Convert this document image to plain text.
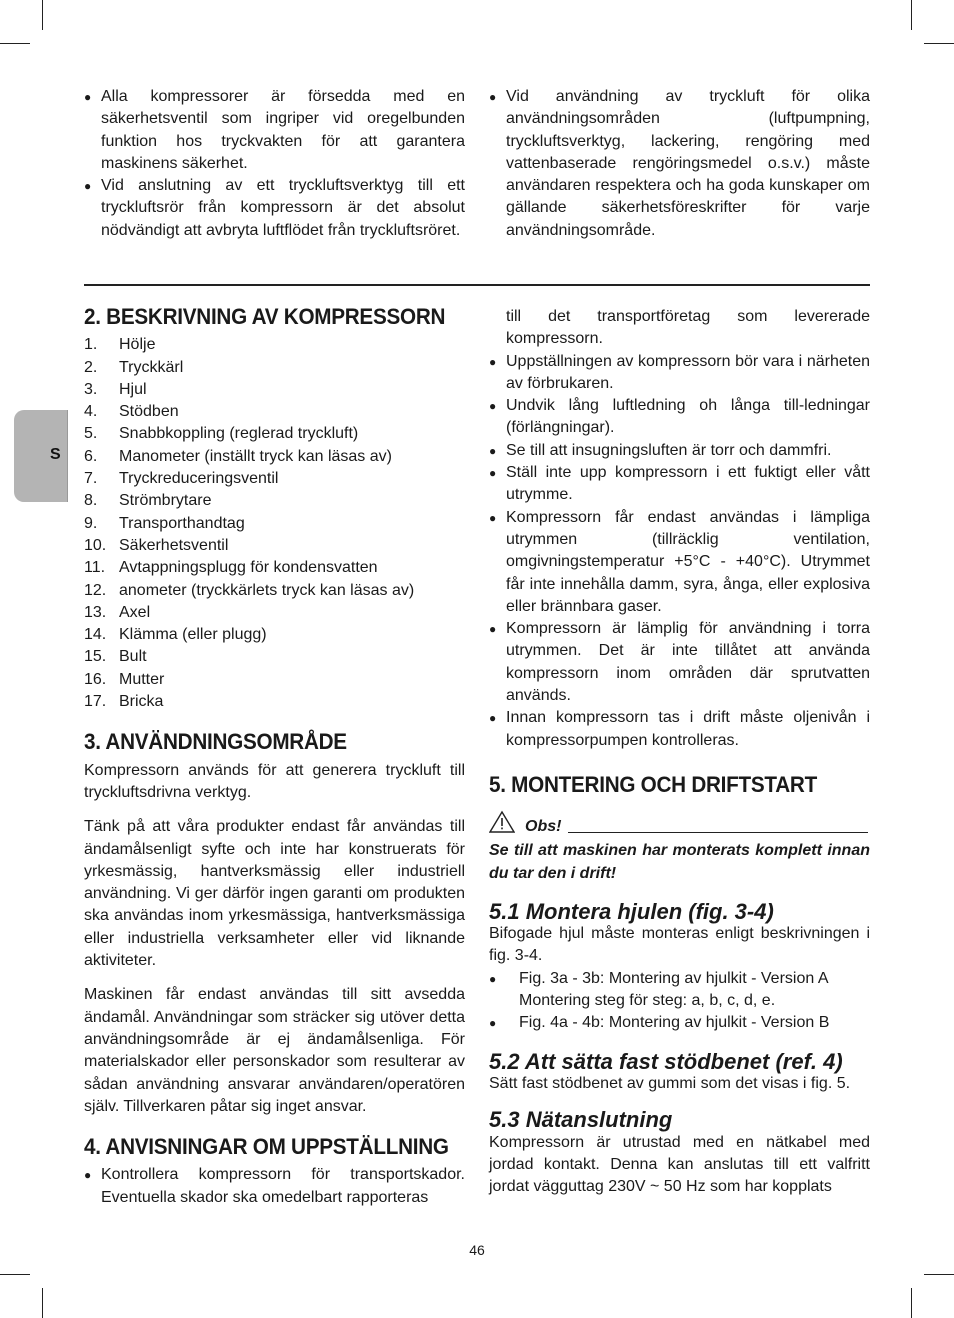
S
● Alla kompressorer är försedda med en säkerhetsventil som ingriper vid oregelbunden funktion hos tryckvakten för att garantera maskinens säkerhet.
● Vid anslutning av ett tryckluftsverktyg till ett tryckluftsrör från kompressorn är det absolut nödvändigt att avbryta luftflödet från tryckluftsröret.
● Vid användning av tryckluft för olika användningsområden (luftpumpning, tryckluftsverktyg, lackering, rengöring med vattenbaserade rengöringsmedel o.s.v.) måste användaren respektera och ha goda kunskaper om gällande säkerhetsföreskrifter för varje användningsområde.
2. BESKRIVNING AV KOMPRESSORN
1.	Hölje
2.	Tryckkärl
3.	Hjul
4.	Stödben
5.	Snabbkoppling (reglerad tryckluft)
6.	Manometer (inställt tryck kan läsas av)
7.	Tryckreduceringsventil
8.	Strömbrytare
9.	Transporthandtag
10. Säkerhetsventil
11. Avtappningsplugg för kondensvatten
12. anometer (tryckkärlets tryck kan läsas av)
13. Axel
14. Klämma (eller plugg)
15. Bult
16. Mutter
17. Bricka
3. ANVÄNDNINGSOMRÅDE

Kompressorn används för att generera tryckluft till tryckluftsdrivna verktyg.

Tänk på att våra produkter endast får användas till ändamålsenligt syfte och inte har konstruerats för yrkesmässig, hantverksmässig eller industriell användning. Vi ger därför ingen garanti om produkten ska användas inom yrkesmässiga, hantverksmässiga eller industriella verksamheter eller vid liknande aktiviteter.

Maskinen får endast användas till sitt avsedda ändamål. Användningar som sträcker sig utöver detta användningsområde är ej ändamålsenliga. För materialskador eller personskador som resulterar av sådan användning ansvarar användaren/operatören själv. Tillverkaren påtar sig inget ansvar.

4. ANVISNINGAR OM UPPSTÄLLNING
● Kontrollera kompressorn för transportskador. Eventuella skador ska omedelbart rapporteras

till det transportföretag som levererade kompressorn.

● Uppställningen av kompressorn bör vara i närheten av förbrukaren.
● Undvik lång luftledning oh långa till-ledningar (förlängningar).
● Se till att insugningsluften är torr och dammfri.
● Ställ inte upp kompressorn i ett fuktigt eller vått utrymme.
● Kompressorn får endast användas i lämpliga utrymmen (tillräcklig ventilation, omgivningstemperatur +5°C - +40°C). Utrymmet får inte innehålla damm, syra, ånga, eller explosiva eller brännbara gaser.
● Kompressorn är lämplig för användning i torra utrymmen. Det är inte tillåtet att använda kompressorn inom områden där sprutvatten används.
● Innan kompressorn tas i drift måste oljenivån i kompressorpumpen kontrolleras.
5. MONTERING OCH DRIFTSTART
Obs!

Se till att maskinen har monterats komplett innan du tar den i drift!

5.1 Montera hjulen (fig. 3-4)

Bifogade hjul måste monteras enligt beskrivningen i fig. 3-4.

● Fig. 3a - 3b: Montering av hjulkit - Version A Montering steg för steg: a, b, c, d, e.
● Fig. 4a - 4b: Montering av hjulkit - Version B
5.2 Att sätta fast stödbenet (ref. 4)

Sätt fast stödbenet av gummi som det visas i fig. 5.

5.3 Nätanslutning

Kompressorn är utrustad med en nätkabel med jordad kontakt. Denna kan anslutas till ett valfritt jordat vägguttag 230V ~ 50 Hz som har kopplats

46
